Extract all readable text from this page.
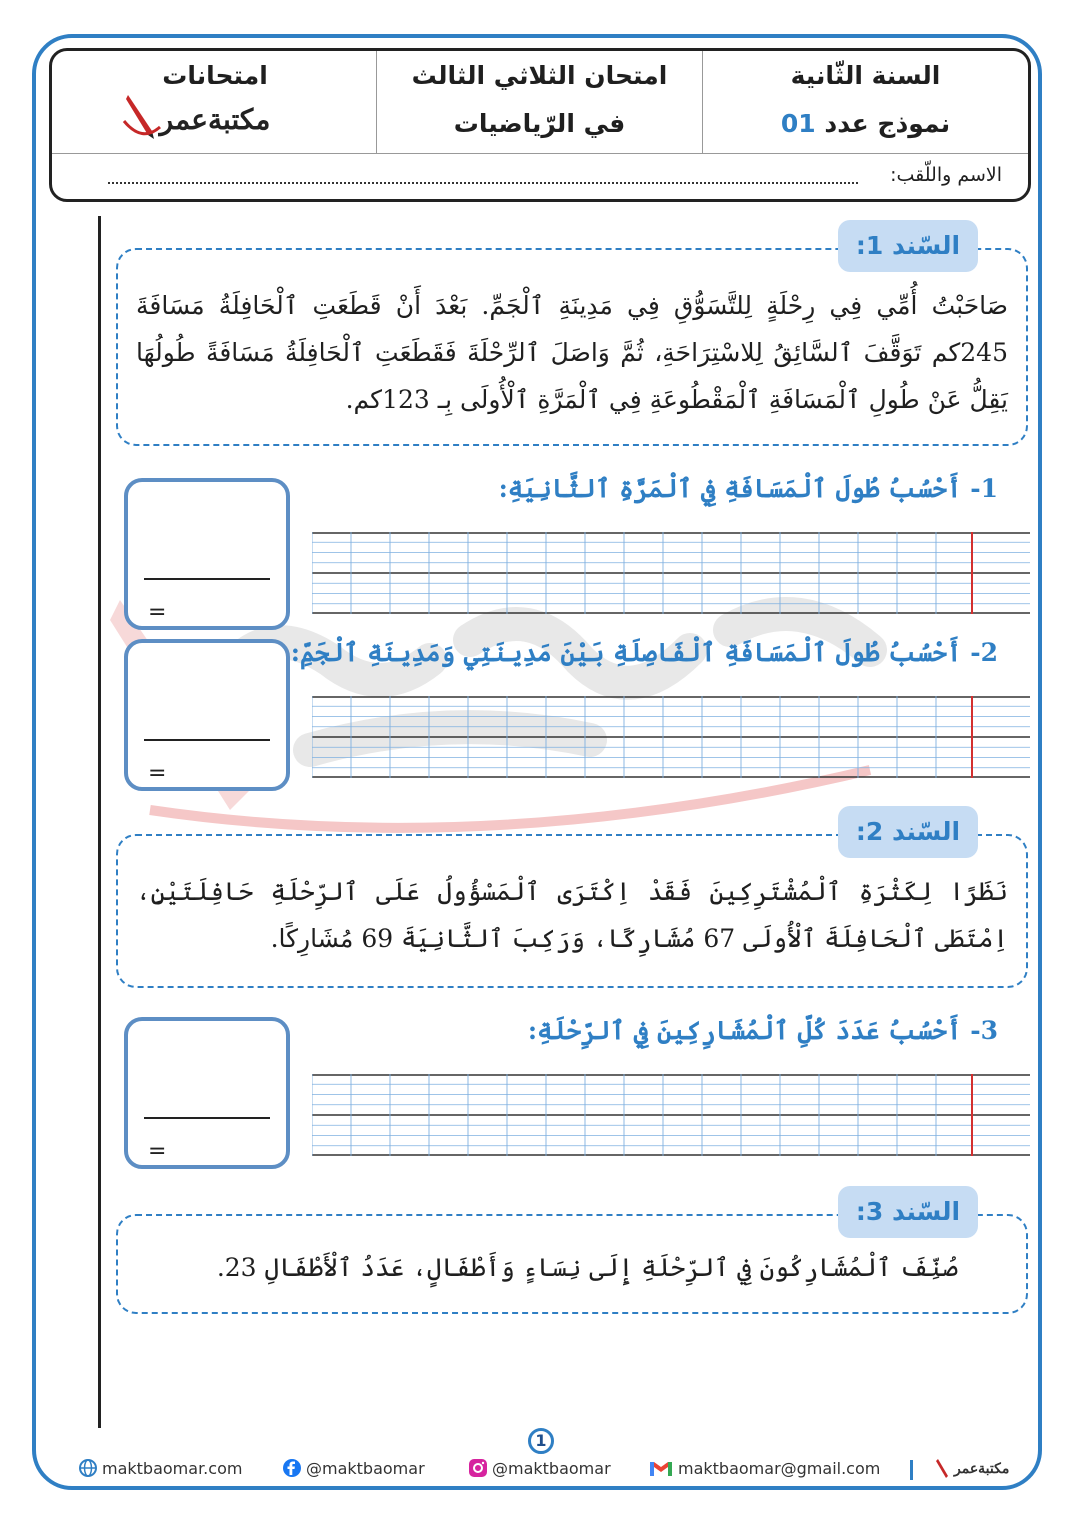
السنة الثّانية
نموذج عدد 01
امتحان الثلاثي الثالث
في الرّياضيات
امتحانات
مكتبةعمر
الاسم واللّقب:
السّند 1:
صَاحَبْتُ أُمِّي فِي رِحْلَةٍ لِلتَّسَوُّقِ فِي مَدِينَةِ ٱلْجَمِّ. بَعْدَ أَنْ قَطَعَتِ ٱلْحَافِلَةُ مَسَافَةَ 245كم تَوَقَّفَ ٱلسَّائِقُ لِلاسْتِرَاحَةِ، ثُمَّ وَاصَلَ ٱلرِّحْلَةَ فَقَطَعَتِ ٱلْحَافِلَةُ مَسَافَةً طُولُهَا يَقِلُّ عَنْ طُولِ ٱلْمَسَافَةِ ٱلْمَقْطُوعَةِ فِي ٱلْمَرَّةِ ٱلْأُولَى بِـ 123كم.
1- أَحْسُبُ طُولَ ٱلْمَسَافَةِ فِي ٱلْمَرَّةِ ٱلثَّانِيَةِ:
=
2- أَحْسُبُ طُولَ ٱلْمَسَافَةِ ٱلْفَاصِلَةِ بَيْنَ مَدِينَتِي وَمَدِينَةِ ٱلْجَمِّ:
=
السّند 2:
نَظَرًا لِكَثْرَةِ ٱلْمُشْتَرِكِينَ فَقَدْ اِكْتَرَى ٱلْمَسْؤُولُ عَلَى ٱلرِّحْلَةِ حَافِلَتَيْنِ، اِمْتَطَى ٱلْحَافِلَةَ ٱلْأُولَى 67 مُشَارِكًا، وَرَكِبَ ٱلثَّانِيَةَ 69 مُشَارِكًا.
3- أَحْسُبُ عَدَدَ كُلِّ ٱلْمُشَارِكِينَ فِي ٱلرِّحْلَةِ:
=
السّند 3:
صُنِّفَ ٱلْمُشَارِكُونَ فِي ٱلرِّحْلَةِ إِلَى نِسَاءٍ وَأَطْفَالٍ، عَدَدُ ٱلْأَطْفَالِ 23.
1
maktbaomar.com	@maktbaomar	@maktbaomar	maktbaomar@gmail.com	مكتبةعمر
